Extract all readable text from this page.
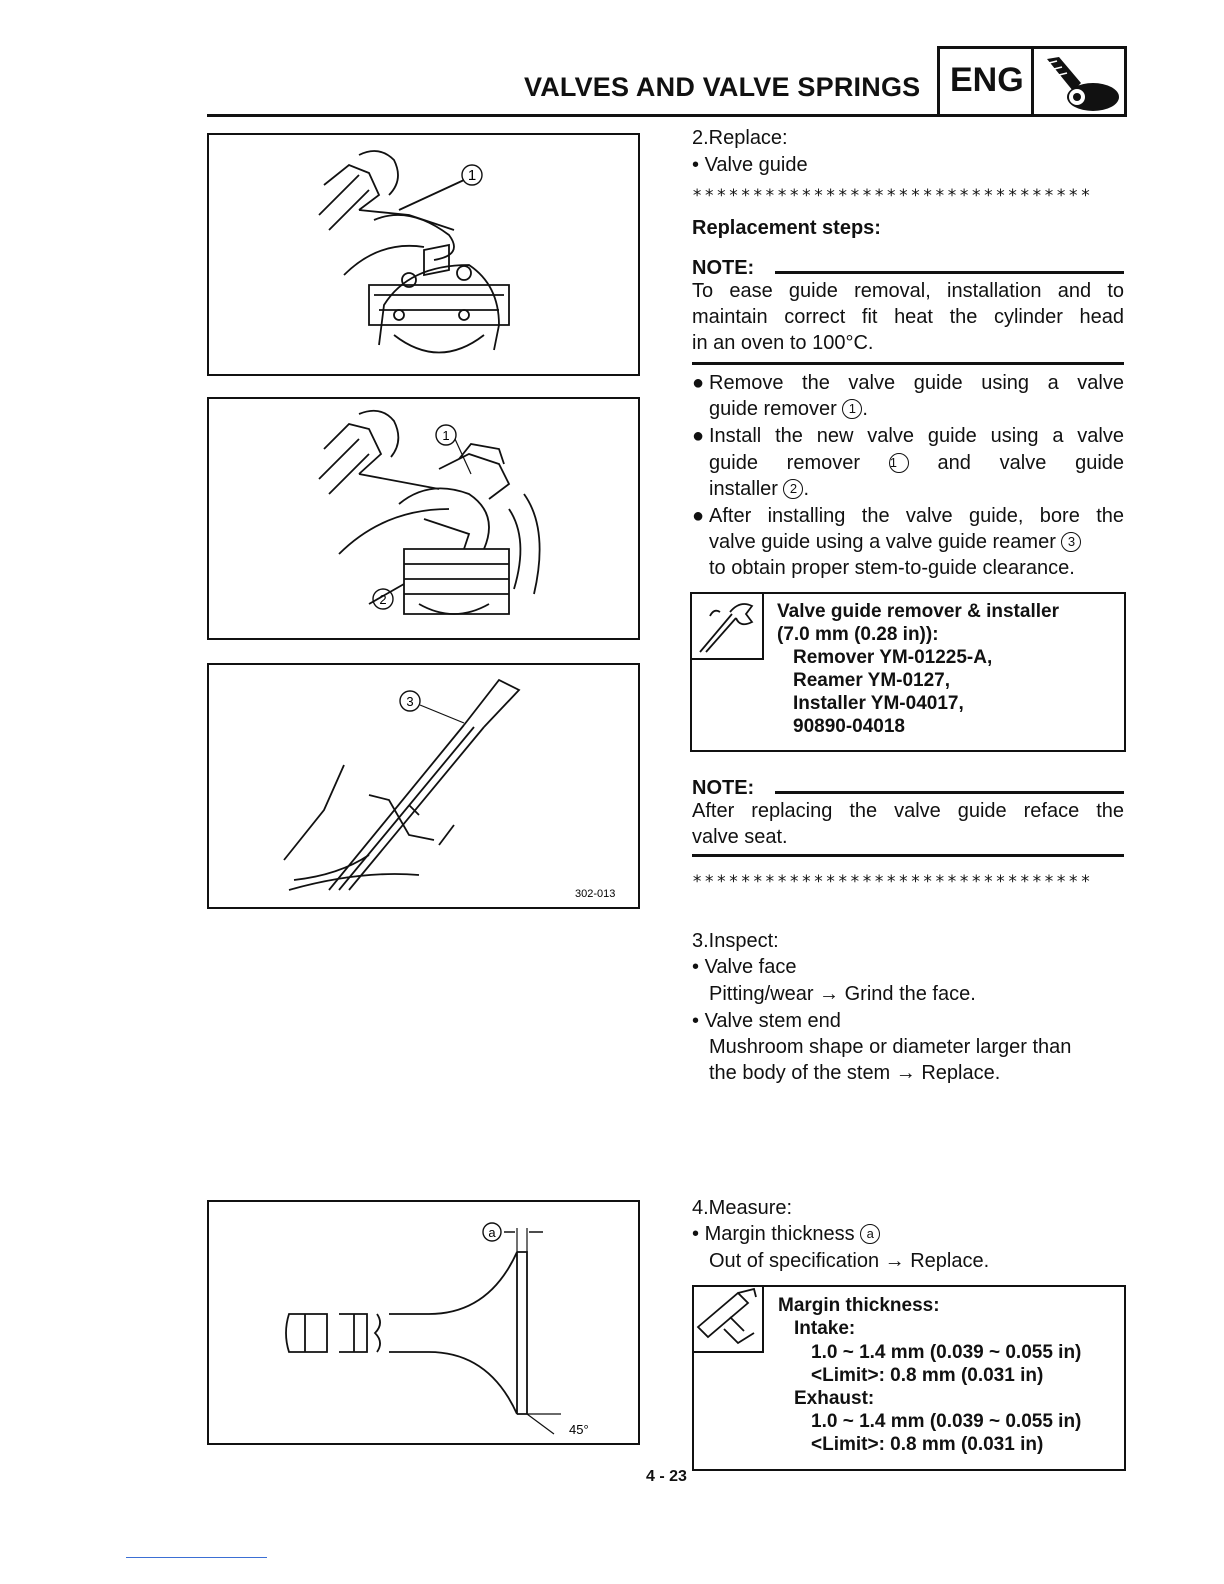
VALVES AND VALVE SPRINGS ENG
1
1
2
3
302-013
a
45°
2.Replace:
• Valve guide
*********************************
Replacement steps:
NOTE:
To ease guide removal, installation and to
maintain correct fit heat the cylinder head
in an oven to 100°C.
● Remove the valve guide using a valve
guide remover 1 .
● Install the new valve guide using a valve
guide remover 1 and valve guide
installer 2 .
● After installing the valve guide, bore the
valve guide using a valve guide reamer 3
to obtain proper stem-to-guide clearance.
Valve guide remover & installer
(7.0 mm (0.28 in)):
Remover YM-01225-A,
Reamer YM-0127,
Installer YM-04017,
90890-04018
NOTE:
After replacing the valve guide reface the
valve seat.
*********************************
3.Inspect:
• Valve face
Pitting/wear → Grind the face.
• Valve stem end
Mushroom shape or diameter larger than
the body of the stem → Replace.
4.Measure:
• Margin thickness a
Out of specification → Replace.
Margin thickness:
Intake:
1.0 ~ 1.4 mm (0.039 ~ 0.055 in)
<Limit>: 0.8 mm (0.031 in)
Exhaust:
1.0 ~ 1.4 mm (0.039 ~ 0.055 in)
<Limit>: 0.8 mm (0.031 in)
4 - 23
